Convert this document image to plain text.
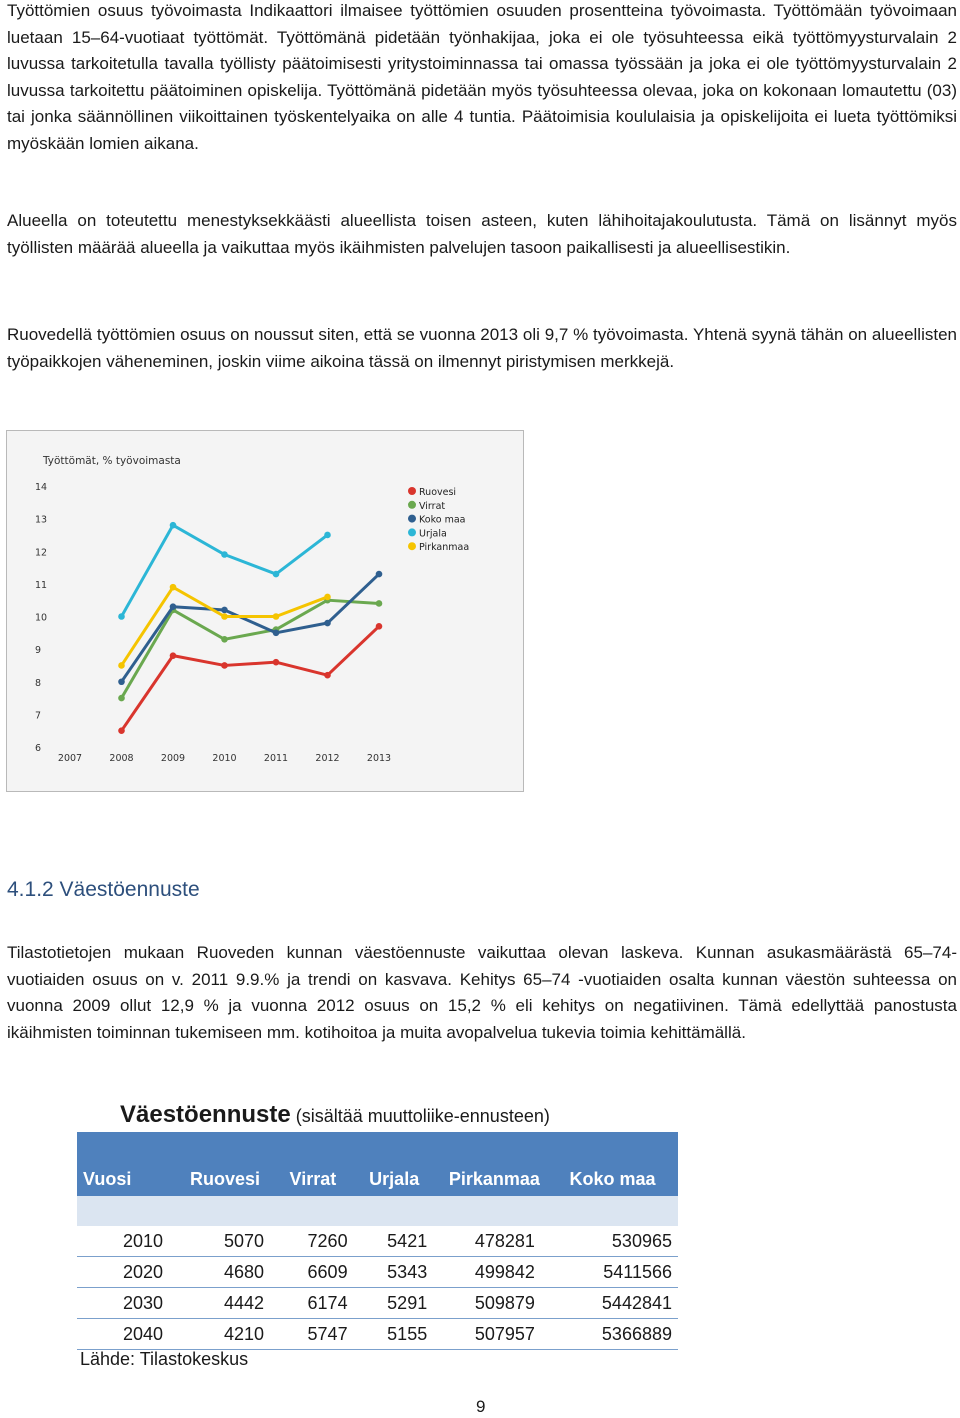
Työttömien osuus työvoimasta Indikaattori ilmaisee työttömien osuuden prosentteina työvoimasta. Työttömään työvoimaan luetaan 15–64-vuotiaat työttömät. Työttömänä pidetään työnhakijaa, joka ei ole työsuhteessa eikä työttömyysturvalain 2 luvussa tarkoitetulla tavalla työllisty päätoimisesti yritystoiminnassa tai omassa työssään ja joka ei ole työttömyysturvalain 2 luvussa tarkoitettu päätoiminen opiskelija. Työttömänä pidetään myös työsuhteessa olevaa, joka on kokonaan lomautettu (03) tai jonka säännöllinen viikoittainen työskentelyaika on alle 4 tuntia. Päätoimisia koululaisia ja opiskelijoita ei lueta työttömiksi myöskään lomien aikana.

Alueella on toteutettu menestyksekkäästi alueellista toisen asteen, kuten lähihoitajakoulutusta. Tämä on lisännyt myös työllisten määrää alueella ja vaikuttaa myös ikäihmisten palvelujen tasoon paikallisesti ja alueellisestikin.

Ruovedellä työttömien osuus on noussut siten, että se vuonna 2013 oli 9,7 % työvoimasta. Yhtenä syynä tähän on alueellisten työpaikkojen väheneminen, joskin viime aikoina tässä on ilmennyt piristymisen merkkejä.

Työttömät, % työvoimasta
6
7
8
9
10
11
12
13
14
2007	2008	2009	2010	2011	2012	2013
Ruovesi
Virrat
Koko maa
Urjala
Pirkanmaa
4.1.2 Väestöennuste

Tilastotietojen mukaan Ruoveden kunnan väestöennuste vaikuttaa olevan laskeva. Kunnan asukasmäärästä 65–74-vuotiaiden osuus on v. 2011 9.9.% ja trendi on kasvava. Kehitys 65–74 -vuotiaiden osalta kunnan väestön suhteessa on vuonna 2009 ollut 12,9 % ja vuonna 2012 osuus on 15,2 % eli kehitys on negatiivinen. Tämä edellyttää panostusta ikäihmisten toiminnan tukemiseen mm. kotihoitoa ja muita avopalvelua tukevia toimia kehittämällä.

Väestöennuste (sisältää muuttoliike-ennusteen)

Vuosi	Ruovesi	Virrat	Urjala	Pirkanmaa	Koko maa

2010	5070	7260	5421	478281	530965
2020	4680	6609	5343	499842	5411566
2030	4442	6174	5291	509879	5442841
2040	4210	5747	5155	507957	5366889

Lähde: Tilastokeskus

9
